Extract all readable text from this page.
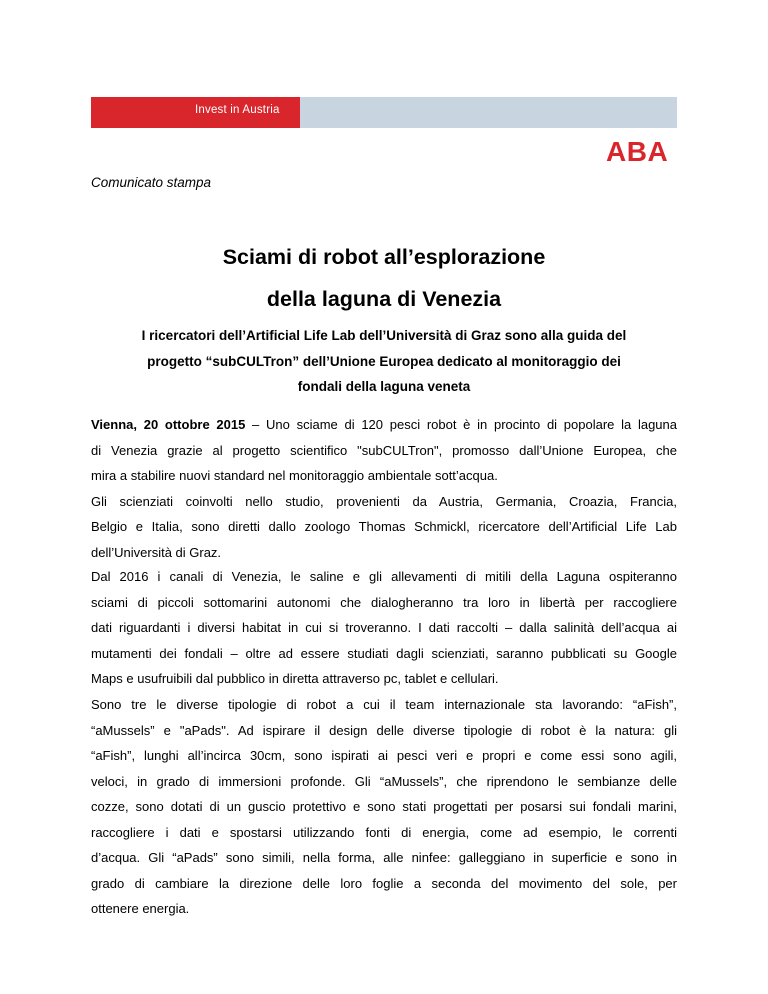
Invest in Austria
ABA
Comunicato stampa
Sciami di robot all’esplorazione
della laguna di Venezia
I ricercatori dell’Artificial Life Lab dell’Università di Graz sono alla guida del
progetto “subCULTron” dell’Unione Europea dedicato al monitoraggio dei
fondali della laguna veneta
Vienna, 20 ottobre 2015 – Uno sciame di 120 pesci robot è in procinto di popolare la laguna
di Venezia grazie al progetto scientifico "subCULTron", promosso dall’Unione Europea, che
mira a stabilire nuovi standard nel monitoraggio ambientale sott’acqua.
Gli scienziati coinvolti nello studio, provenienti da Austria, Germania, Croazia, Francia,
Belgio e Italia, sono diretti dallo zoologo Thomas Schmickl, ricercatore dell’Artificial Life Lab
dell’Università di Graz.
Dal 2016 i canali di Venezia, le saline e gli allevamenti di mitili della Laguna ospiteranno
sciami di piccoli sottomarini autonomi che dialogheranno tra loro in libertà per raccogliere
dati riguardanti i diversi habitat in cui si troveranno. I dati raccolti – dalla salinità dell’acqua ai
mutamenti dei fondali – oltre ad essere studiati dagli scienziati, saranno pubblicati su Google
Maps e usufruibili dal pubblico in diretta attraverso pc, tablet e cellulari.
Sono tre le diverse tipologie di robot a cui il team internazionale sta lavorando: “aFish”,
“aMussels” e "aPads". Ad ispirare il design delle diverse tipologie di robot è la natura: gli
“aFish”, lunghi all’incirca 30cm, sono ispirati ai pesci veri e propri e come essi sono agili,
veloci, in grado di immersioni profonde. Gli “aMussels”, che riprendono le sembianze delle
cozze, sono dotati di un guscio protettivo e sono stati progettati per posarsi sui fondali marini,
raccogliere i dati e spostarsi utilizzando fonti di energia, come ad esempio, le correnti
d’acqua. Gli “aPads” sono simili, nella forma, alle ninfee: galleggiano in superficie e sono in
grado di cambiare la direzione delle loro foglie a seconda del movimento del sole, per
ottenere energia.
